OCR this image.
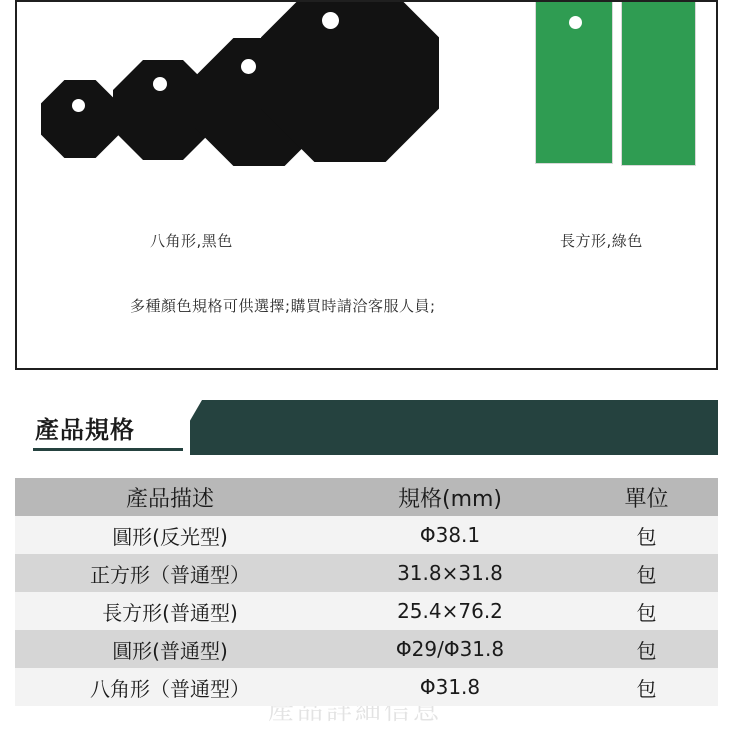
八角形,黑色	長方形,綠色
多種顏色規格可供選擇;購買時請洽客服人員;
產品規格
產品詳細信息
產品描述	規格(mm)	單位
圓形(反光型)	Φ38.1	包
正方形（普通型）	31.8×31.8	包
長方形(普通型)	25.4×76.2	包
圓形(普通型)	Φ29/Φ31.8	包
八角形（普通型）	Φ31.8	包
